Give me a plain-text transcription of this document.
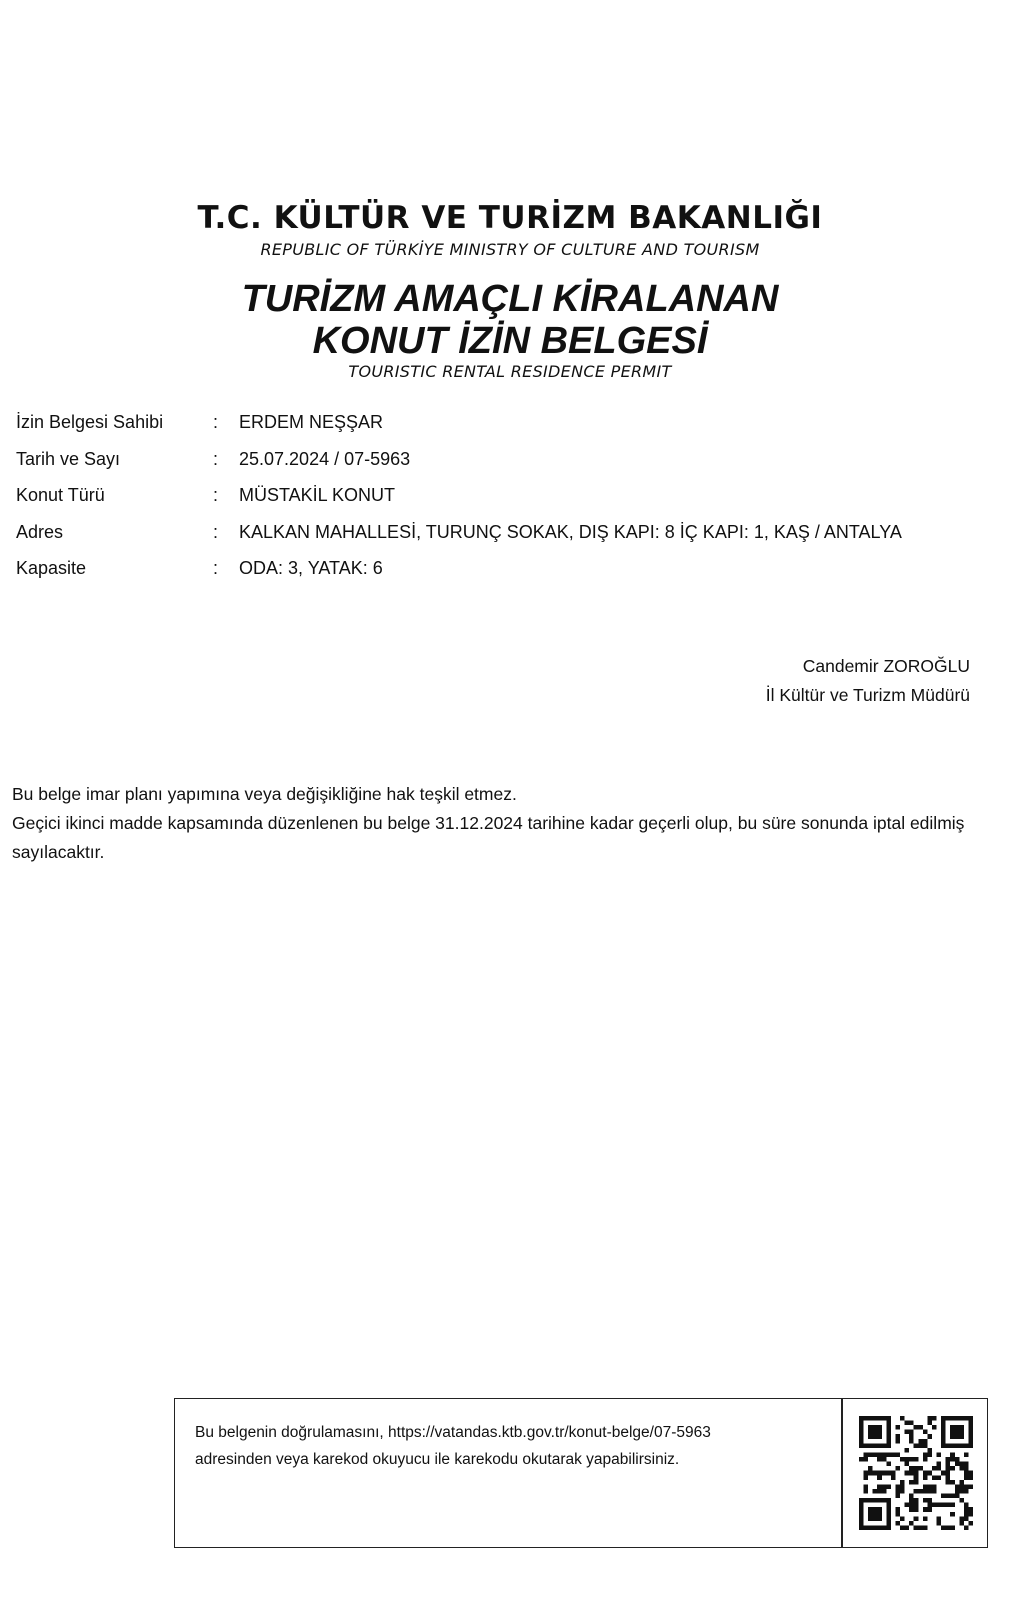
T.C. KÜLTÜR VE TURİZM BAKANLIĞI
REPUBLIC OF TÜRKİYE MINISTRY OF CULTURE AND TOURISM
TURİZM AMAÇLI KİRALANAN
KONUT İZİN BELGESİ
TOURISTIC RENTAL RESIDENCE PERMIT
İzin Belgesi Sahibi	: ERDEM NEŞŞAR
Tarih ve Sayı	: 25.07.2024 / 07-5963
Konut Türü	: MÜSTAKİL KONUT
Adres	: KALKAN MAHALLESİ, TURUNÇ SOKAK, DIŞ KAPI: 8 İÇ KAPI: 1, KAŞ / ANTALYA
Kapasite	: ODA: 3, YATAK: 6
Candemir ZOROĞLU
İl Kültür ve Turizm Müdürü

Bu belge imar planı yapımına veya değişikliğine hak teşkil etmez.

Geçici ikinci madde kapsamında düzenlenen bu belge 31.12.2024 tarihine kadar geçerli olup, bu süre sonunda iptal edilmiş sayılacaktır.

Bu belgenin doğrulamasını, https://vatandas.ktb.gov.tr/konut-belge/07-5963
adresinden veya karekod okuyucu ile karekodu okutarak yapabilirsiniz.
